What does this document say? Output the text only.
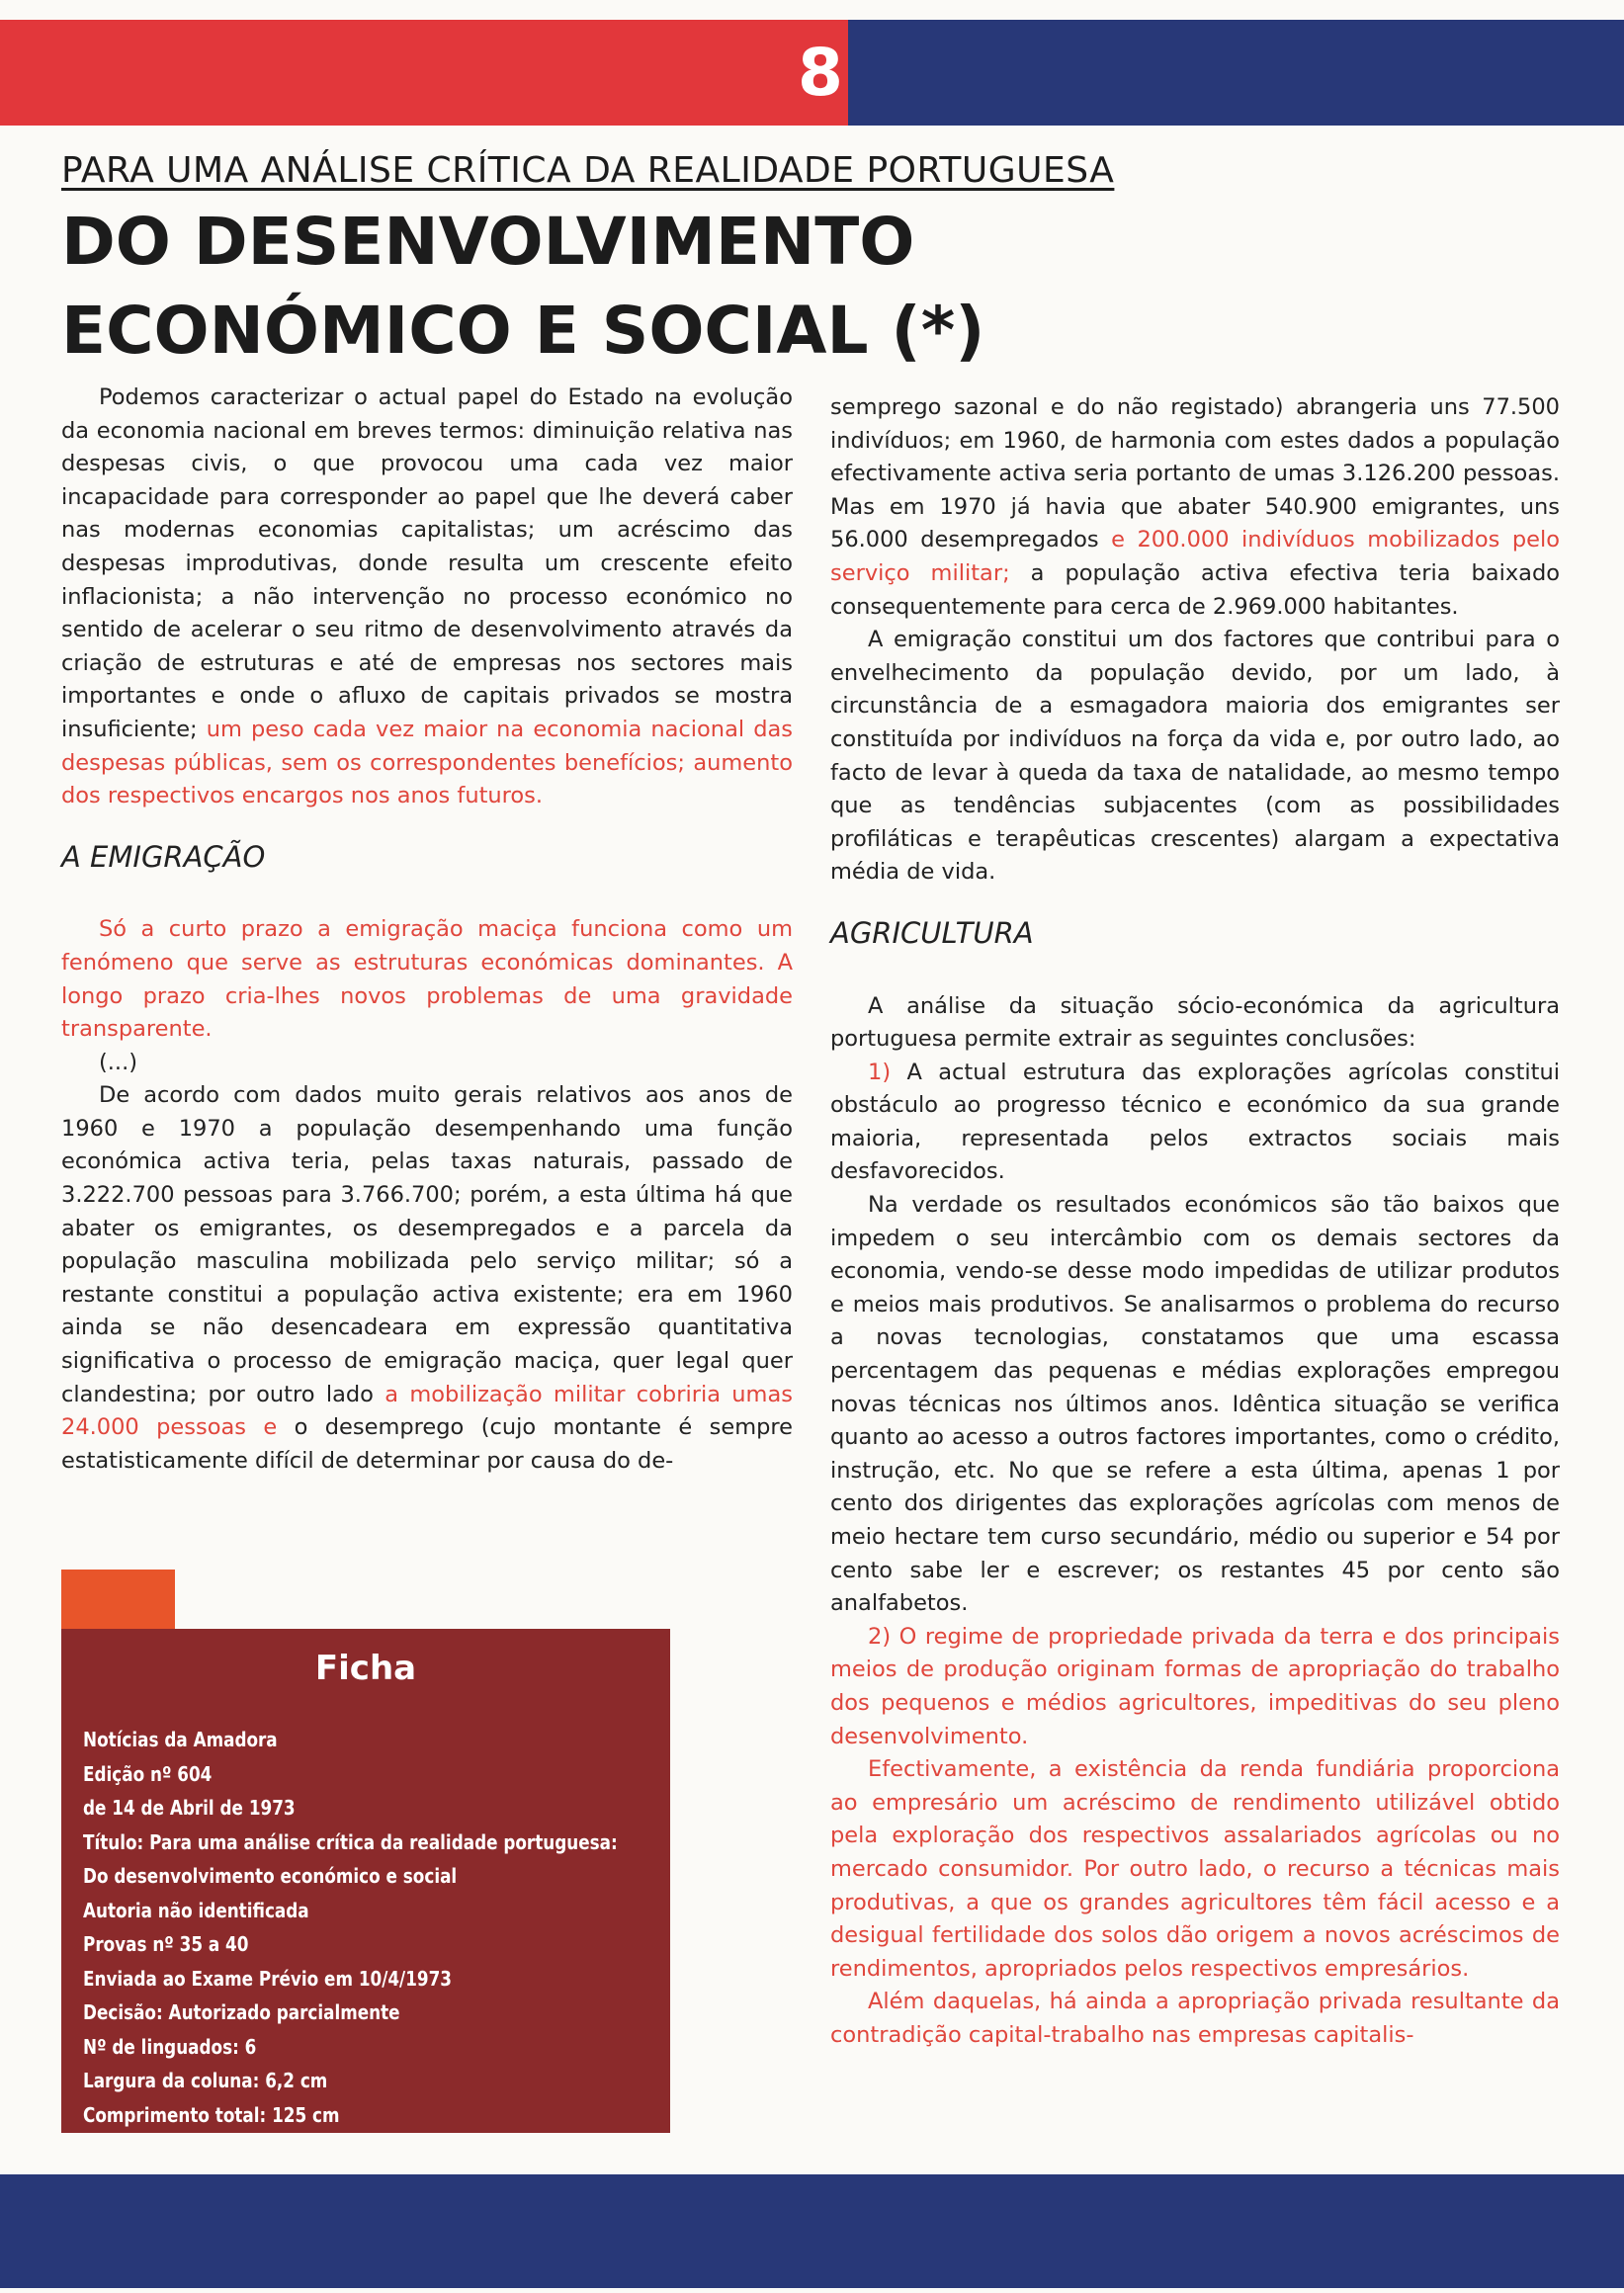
8
PARA UMA ANÁLISE CRÍTICA DA REALIDADE PORTUGUESA
DO DESENVOLVIMENTO
ECONÓMICO E SOCIAL (*)

Podemos caracterizar o actual papel do Estado na evolução da economia nacional em breves termos: diminuição relativa nas despesas civis, o que provocou uma cada vez maior incapacidade para corresponder ao papel que lhe deverá caber nas modernas economias capitalistas; um acréscimo das despesas improdutivas, donde resulta um crescente efeito inflacionista; a não intervenção no processo económico no sentido de acelerar o seu ritmo de desenvolvimento através da criação de estruturas e até de empresas nos sectores mais importantes e onde o afluxo de capitais privados se mostra insuficiente; um peso cada vez maior na economia nacional das despesas públicas, sem os correspondentes benefícios; aumento dos respectivos encargos nos anos futuros.

A EMIGRAÇÃO

Só a curto prazo a emigração maciça funciona como um fenómeno que serve as estruturas económicas dominantes. A longo prazo cria-lhes novos problemas de uma gravidade transparente.

(...)

De acordo com dados muito gerais relativos aos anos de 1960 e 1970 a população desempenhando uma função económica activa teria, pelas taxas naturais, passado de 3.222.700 pessoas para 3.766.700; porém, a esta última há que abater os emigrantes, os desempregados e a parcela da população masculina mobilizada pelo serviço militar; só a restante constitui a população activa existente; era em 1960 ainda se não desencadeara em expressão quantitativa significativa o processo de emigração maciça, quer legal quer clandestina; por outro lado a mobilização militar cobriria umas 24.000 pessoas e o desemprego (cujo montante é sempre estatisticamente difícil de determinar por causa do de-

Ficha
Notícias da Amadora
Edição nº 604
de 14 de Abril de 1973
Título: Para uma análise crítica da realidade portuguesa:
Do desenvolvimento económico e social
Autoria não identificada
Provas nº 35 a 40
Enviada ao Exame Prévio em 10/4/1973
Decisão: Autorizado parcialmente
Nº de linguados: 6
Largura da coluna: 6,2 cm
Comprimento total: 125 cm

semprego sazonal e do não registado) abrangeria uns 77.500 indivíduos; em 1960, de harmonia com estes dados a população efectivamente activa seria portanto de umas 3.126.200 pessoas. Mas em 1970 já havia que abater 540.900 emigrantes, uns 56.000 desempregados e 200.000 indivíduos mobilizados pelo serviço militar; a população activa efectiva teria baixado consequentemente para cerca de 2.969.000 habitantes.

A emigração constitui um dos factores que contribui para o envelhecimento da população devido, por um lado, à circunstância de a esmagadora maioria dos emigrantes ser constituída por indivíduos na força da vida e, por outro lado, ao facto de levar à queda da taxa de natalidade, ao mesmo tempo que as tendências subjacentes (com as possibilidades profiláticas e terapêuticas crescentes) alargam a expectativa média de vida.

AGRICULTURA

A análise da situação sócio-económica da agricultura portuguesa permite extrair as seguintes conclusões:

1) A actual estrutura das explorações agrícolas constitui obstáculo ao progresso técnico e económico da sua grande maioria, representada pelos extractos sociais mais desfavorecidos.

Na verdade os resultados económicos são tão baixos que impedem o seu intercâmbio com os demais sectores da economia, vendo-se desse modo impedidas de utilizar produtos e meios mais produtivos. Se analisarmos o problema do recurso a novas tecnologias, constatamos que uma escassa percentagem das pequenas e médias explorações empregou novas técnicas nos últimos anos. Idêntica situação se verifica quanto ao acesso a outros factores importantes, como o crédito, instrução, etc. No que se refere a esta última, apenas 1 por cento dos dirigentes das explorações agrícolas com menos de meio hectare tem curso secundário, médio ou superior e 54 por cento sabe ler e escrever; os restantes 45 por cento são analfabetos.

2) O regime de propriedade privada da terra e dos principais meios de produção originam formas de apropriação do trabalho dos pequenos e médios agricultores, impeditivas do seu pleno desenvolvimento.

Efectivamente, a existência da renda fundiária proporciona ao empresário um acréscimo de rendimento utilizável obtido pela exploração dos respectivos assalariados agrícolas ou no mercado consumidor. Por outro lado, o recurso a técnicas mais produtivas, a que os grandes agricultores têm fácil acesso e a desigual fertilidade dos solos dão origem a novos acréscimos de rendimentos, apropriados pelos respectivos empresários.

Além daquelas, há ainda a apropriação privada resultante da contradição capital-trabalho nas empresas capitalis-
